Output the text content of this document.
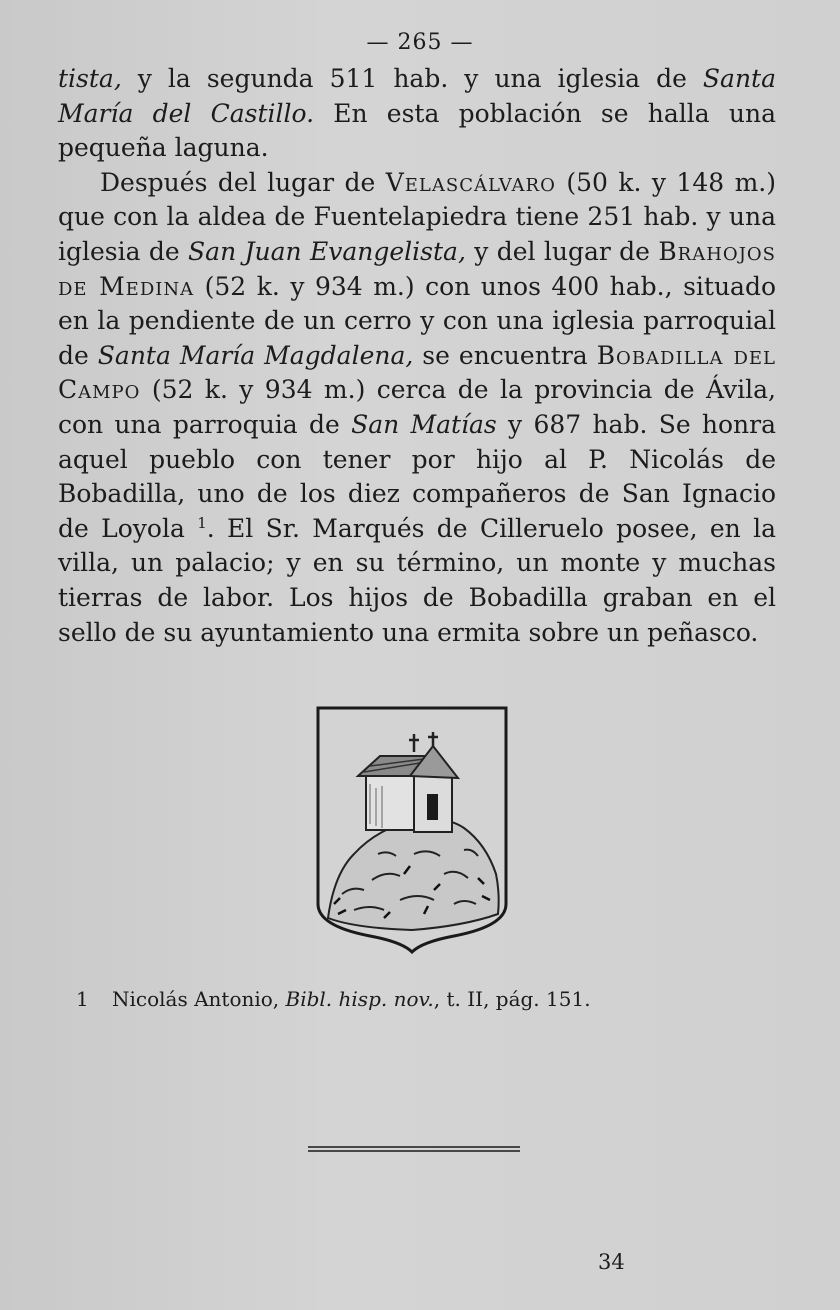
— 265 —

tista, y la segunda 511 hab. y una iglesia de Santa María del Castillo. En esta población se halla una pequeña laguna.

Después del lugar de Velascálvaro (50 k. y 148 m.) que con la aldea de Fuentelapiedra tiene 251 hab. y una iglesia de San Juan Evangelista, y del lugar de Brahojos de Medina (52 k. y 934 m.) con unos 400 hab., situado en la pendiente de un cerro y con una iglesia parroquial de Santa María Magdalena, se encuentra Bobadilla del Campo (52 k. y 934 m.) cerca de la provincia de Ávila, con una parroquia de San Matías y 687 hab. Se honra aquel pueblo con tener por hijo al P. Nicolás de Bobadilla, uno de los diez compañeros de San Ignacio de Loyola $^1$. El Sr. Marqués de Cilleruelo posee, en la villa, un palacio; y en su término, un monte y muchas tierras de labor. Los hijos de Bobadilla graban en el sello de su ayuntamiento una ermita sobre un peñasco.

1 Nicolás Antonio, Bibl. hisp. nov., t. II, pág. 151.
34
